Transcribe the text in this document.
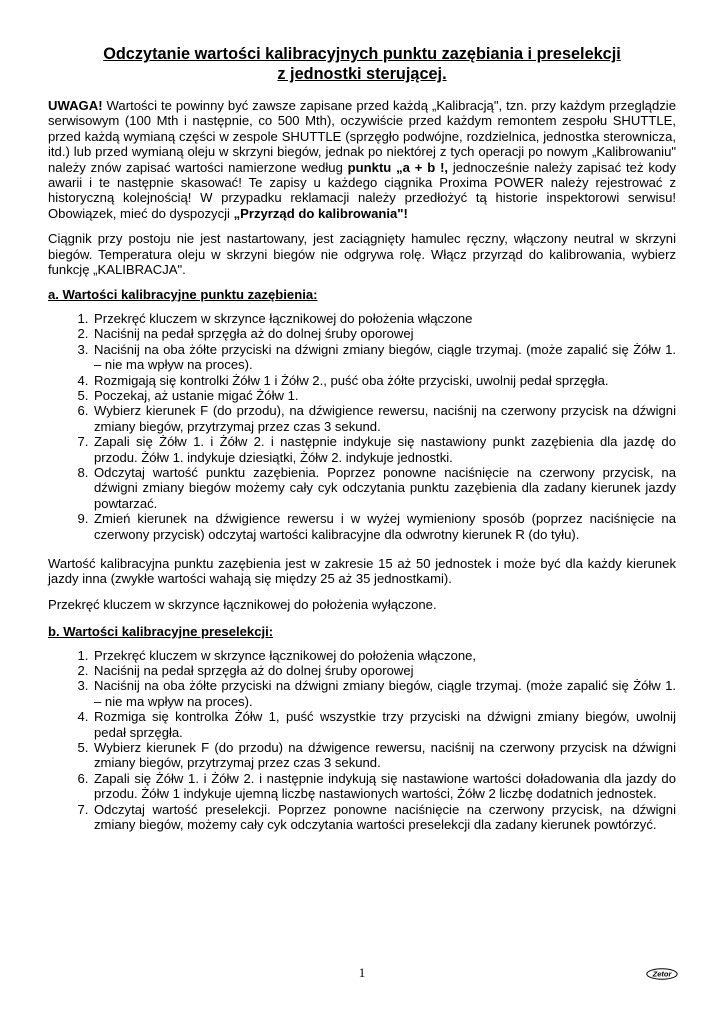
Odczytanie wartości kalibracyjnych punktu zazębiania i preselekcji
z jednostki sterującej.

UWAGA! Wartości te powinny być zawsze zapisane przed każdą „Kalibracją", tzn. przy każdym przeglądzie serwisowym (100 Mth i następnie, co 500 Mth), oczywiście przed każdym remontem zespołu SHUTTLE, przed każdą wymianą części w zespole SHUTTLE (sprzęgło podwójne, rozdzielnica, jednostka sterownicza, itd.) lub przed wymianą oleju w skrzyni biegów, jednak po niektórej z tych operacji po nowym „Kalibrowaniu" należy znów zapisać wartości namierzone według punktu „a + b !, jednocześnie należy zapisać też kody awarii i te następnie skasować! Te zapisy u każdego ciągnika Proxima POWER należy rejestrować z historyczną kolejnością! W przypadku reklamacji należy przedłożyć tą historie inspektorowi serwisu! Obowiązek, mieć do dyspozycji „Przyrząd do kalibrowania"!

Ciągnik przy postoju nie jest nastartowany, jest zaciągnięty hamulec ręczny, włączony neutral w skrzyni biegów. Temperatura oleju w skrzyni biegów nie odgrywa rolę. Włącz przyrząd do kalibrowania, wybierz funkcję „KALIBRACJA".

a. Wartości kalibracyjne punktu zazębienia:
1. Przekręć kluczem w skrzynce łącznikowej do położenia włączone
2. Naciśnij na pedał sprzęgła aż do dolnej śruby oporowej
3. Naciśnij na oba żółte przyciski na dźwigni zmiany biegów, ciągle trzymaj. (może zapalić się Żółw 1. – nie ma wpływ na proces).
4. Rozmigają się kontrolki Żółw 1 i Żółw 2., puść oba żółte przyciski, uwolnij pedał sprzęgła.
5. Poczekaj, aż ustanie migać Żółw 1.
6. Wybierz kierunek F (do przodu), na dźwigience rewersu, naciśnij na czerwony przycisk na dźwigni zmiany biegów, przytrzymaj przez czas 3 sekund.
7. Zapali się Żółw 1. i Żółw 2. i następnie indykuje się nastawiony punkt zazębienia dla jazdę do przodu. Żółw 1. indykuje dziesiątki, Żółw 2. indykuje jednostki.
8. Odczytaj wartość punktu zazębienia. Poprzez ponowne naciśnięcie na czerwony przycisk, na dźwigni zmiany biegów możemy cały cyk odczytania punktu zazębienia dla zadany kierunek jazdy powtarzać.
9. Zmień kierunek na dźwigience rewersu i w wyżej wymieniony sposób (poprzez naciśnięcie na czerwony przycisk) odczytaj wartości kalibracyjne dla odwrotny kierunek R (do tyłu).

Wartość kalibracyjna punktu zazębienia jest w zakresie 15 aż 50 jednostek i może być dla każdy kierunek jazdy inna (zwykłe wartości wahają się między 25 aż 35 jednostkami).

Przekręć kluczem w skrzynce łącznikowej do położenia wyłączone.

b. Wartości kalibracyjne preselekcji:
1. Przekręć kluczem w skrzynce łącznikowej do położenia włączone,
2. Naciśnij na pedał sprzęgła aż do dolnej śruby oporowej
3. Naciśnij na oba żółte przyciski na dźwigni zmiany biegów, ciągle trzymaj. (może zapalić się Żółw 1. – nie ma wpływ na proces).
4. Rozmiga się kontrolka Żółw 1, puść wszystkie trzy przyciski na dźwigni zmiany biegów, uwolnij pedał sprzęgła.
5. Wybierz kierunek F (do przodu) na dźwigence rewersu, naciśnij na czerwony przycisk na dźwigni zmiany biegów, przytrzymaj przez czas 3 sekund.
6. Zapali się Żółw 1. i Żółw 2. i następnie indykują się nastawione wartości doładowania dla jazdy do przodu. Żółw 1 indykuje ujemną liczbę nastawionych wartości, Żółw 2 liczbę dodatnich jednostek.
7. Odczytaj wartość preselekcji. Poprzez ponowne naciśnięcie na czerwony przycisk, na dźwigni zmiany biegów, możemy cały cyk odczytania wartości preselekcji dla zadany kierunek powtórzyć.
1	Zetor
